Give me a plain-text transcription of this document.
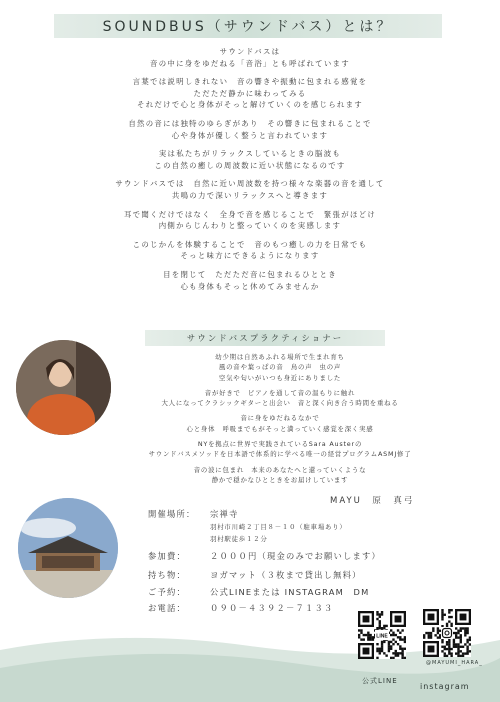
SOUNDBUS（サウンドバス）とは？

サウンドバスは
音の中に身をゆだねる「音浴」とも呼ばれています

言葉では説明しきれない　音の響きや振動に包まれる感覚を
ただただ静かに味わってみる
それだけで心と身体がそっと解けていくのを感じられます

自然の音には独特のゆらぎがあり　その響きに包まれることで
心や身体が優しく整うと言われています

実は私たちがリラックスしているときの脳波も
この自然の癒しの周波数に近い状態になるのです

サウンドバスでは　自然に近い周波数を持つ様々な楽器の音を通して
共鳴の力で深いリラックスへと導きます

耳で聞くだけではなく　全身で音を感じることで　緊張がほどけ
内側からじんわりと整っていくのを実感します

このじかんを体験することで　音のもつ癒しの力を日常でも
そっと味方にできるようになります

目を閉じて　ただただ音に包まれるひととき
心も身体もそっと休めてみませんか

サウンドバスプラクティショナー

幼少期は自然あふれる場所で生まれ育ち
風の音や葉っぱの音　鳥の声　虫の声
空気や匂いがいつも身近にありました

音が好きで　ピアノを通して音の温もりに触れ
大人になってクラシックギターと出会い　音と深く向き合う時間を重ねる

音に身をゆだねるなかで
心と身体　呼吸までもがそっと満っていく感覚を深く実感

NYを拠点に世界で実践されているSara Austerの
サウンドバスメソッドを日本語で体系的に学べる唯一の経営プログラムASMJ修了

音の波に包まれ　本来のあなたへと還っていくような
静かで穏かなひとときをお届けしています

MAYU　原　真弓
開催場所： 宗禅寺
羽村市川崎２丁目８－１０（駐車場あり）
羽村駅徒歩１２分
参加費：	２０００円（現金のみでお願いします）
持ち物：	ヨガマット（３枚まで貸出し無料）
ご予約：	公式LINEまたは INSTAGRAM　DM
お電話：	０９０－４３９２－７１３３
LINE
@MAYUMI_HARA_
公式LINE
instagram
